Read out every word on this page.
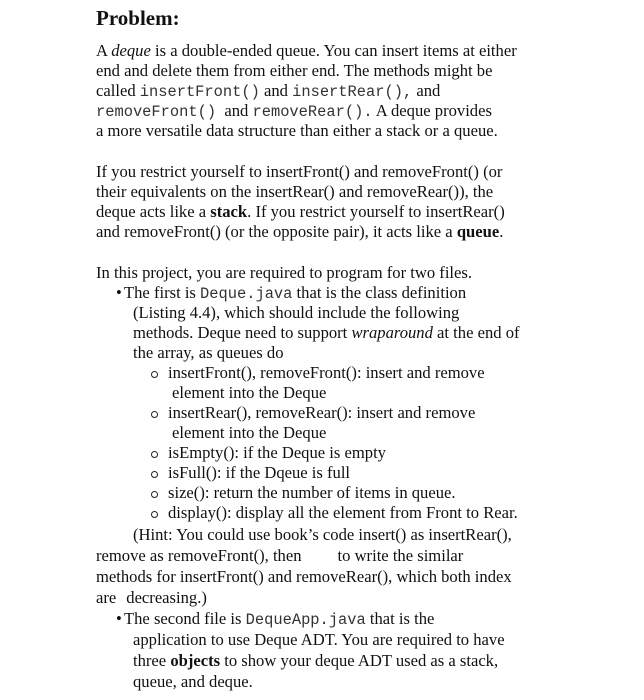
Problem:
A deque is a double-ended queue. You can insert items at either
end and delete them from either end. The methods might be
called insertFront() and insertRear(), and
removeFront()  and removeRear(). A deque provides
a more versatile data structure than either a stack or a queue.
If you restrict yourself to insertFront() and removeFront() (or
their equivalents on the insertRear() and removeRear()), the
deque acts like a stack. If you restrict yourself to insertRear()
and removeFront() (or the opposite pair), it acts like a queue.
In this project, you are required to program for two files.
• The first is Deque.java that is the class definition
(Listing 4.4), which should include the following
methods. Deque need to support wraparound at the end of
the array, as queues do
insertFront(), removeFront(): insert and remove
element into the Deque
insertRear(), removeRear(): insert and remove
element into the Deque
isEmpty(): if the Deque is empty
isFull(): if the Dqeue is full
size(): return the number of items in queue.
display(): display all the element from Front to Rear.
(Hint: You could use book’s code insert() as insertRear(),
remove as removeFront(), then to write the similar
methods for insertFront() and removeRear(), which both index
are decreasing.)
• The second file is DequeApp.java that is the
application to use Deque ADT. You are required to have
three objects to show your deque ADT used as a stack,
queue, and deque.
